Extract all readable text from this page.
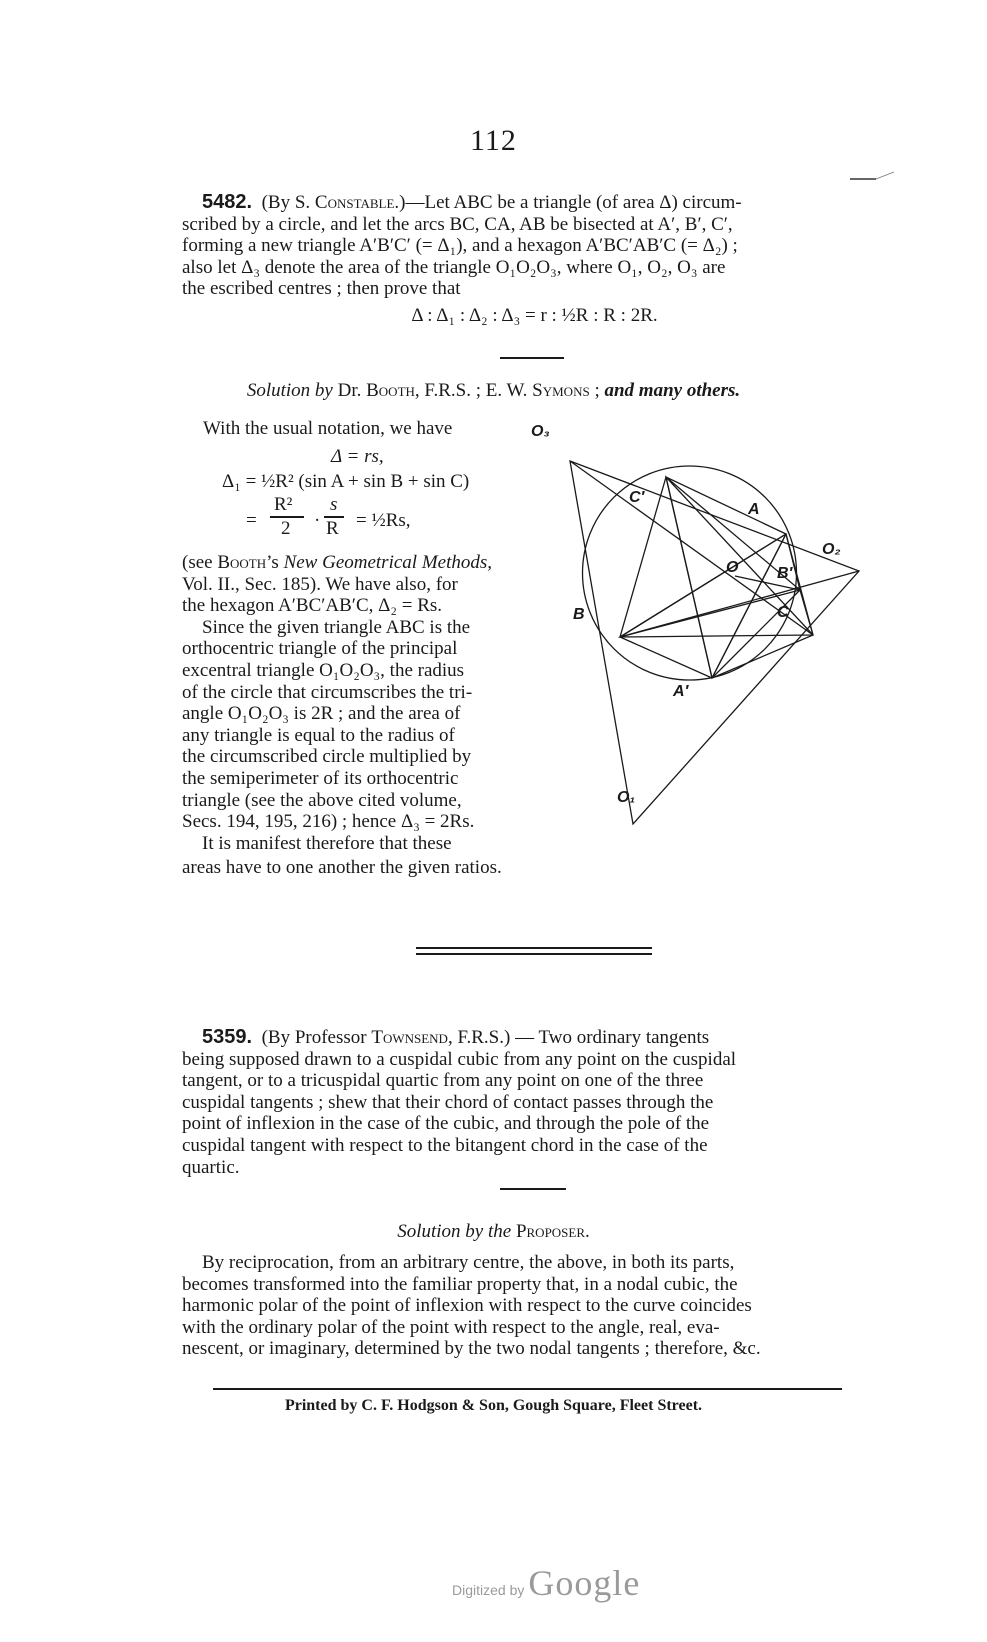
112
5482. (By S. Constable.)—Let ABC be a triangle (of area Δ) circum-
scribed by a circle, and let the arcs BC, CA, AB be bisected at A′, B′, C′,
forming a new triangle A′B′C′ (= Δ₁), and a hexagon A′BC′AB′C (= Δ₂) ;
also let Δ₃ denote the area of the triangle O₁O₂O₃, where O₁, O₂, O₃ are
the escribed centres ; then prove that
Δ : Δ₁ : Δ₂ : Δ₃ = r : ½R : R : 2R.
Solution by Dr. Booth, F.R.S. ; E. W. Symons ; and many others.
With the usual notation, we have
Δ = rs,
Δ₁ = ½R² (sin A + sin B + sin C)
=
R²
2 ·
s
R = ½Rs,
(see Booth’s New Geometrical Methods,
Vol. II., Sec. 185). We have also, for
the hexagon A′BC′AB′C, Δ₂ = Rs.
Since the given triangle ABC is the
orthocentric triangle of the principal
excentral triangle O₁O₂O₃, the radius
of the circle that circumscribes the tri-
angle O₁O₂O₃ is 2R ; and the area of
any triangle is equal to the radius of
the circumscribed circle multiplied by
the semiperimeter of its orthocentric
triangle (see the above cited volume,
Secs. 194, 195, 216) ; hence Δ₃ = 2Rs.
It is manifest therefore that these
areas have to one another the given ratios.
O₃
O₂
O₁
A
B	C
A′
B′
C′
O
5359. (By Professor Townsend, F.R.S.) — Two ordinary tangents
being supposed drawn to a cuspidal cubic from any point on the cuspidal
tangent, or to a tricuspidal quartic from any point on one of the three
cuspidal tangents ; shew that their chord of contact passes through the
point of inflexion in the case of the cubic, and through the pole of the
cuspidal tangent with respect to the bitangent chord in the case of the
quartic.
Solution by the Proposer.
By reciprocation, from an arbitrary centre, the above, in both its parts,
becomes transformed into the familiar property that, in a nodal cubic, the
harmonic polar of the point of inflexion with respect to the curve coincides
with the ordinary polar of the point with respect to the angle, real, eva-
nescent, or imaginary, determined by the two nodal tangents ; therefore, &c.
Printed by C. F. Hodgson & Son, Gough Square, Fleet Street.
Digitized by Google
